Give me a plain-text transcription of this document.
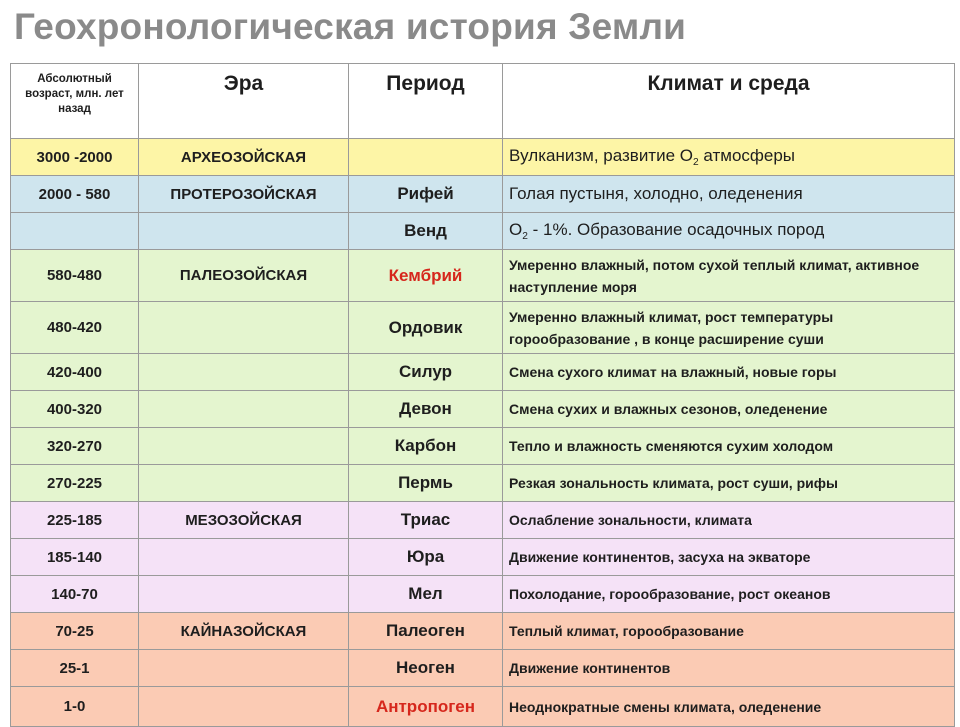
Геохронологическая история Земли
Абсолютный возраст, млн. лет назад	Эра	Период	Климат и среда
3000 -2000	АРХЕОЗОЙСКАЯ		Вулканизм, развитие $О_2$ атмосферы
2000 - 580	ПРОТЕРОЗОЙСКАЯ	Рифей	Голая пустыня, холодно, оледенения
		Венд	$О_2 - 1\%$. Образование осадочных пород
580-480	ПАЛЕОЗОЙСКАЯ	Кембрий	Умеренно влажный, потом сухой теплый климат, активное наступление моря
480-420		Ордовик	Умеренно влажный климат, рост температуры горообразование , в конце расширение суши
420-400		Силур	Смена сухого климат на влажный, новые горы
400-320		Девон	Смена сухих и влажных сезонов, оледенение
320-270		Карбон	Тепло и влажность сменяются сухим холодом
270-225		Пермь	Резкая зональность климата, рост суши, рифы
225-185	МЕЗОЗОЙСКАЯ	Триас	Ослабление зональности, климата
185-140		Юра	Движение континентов, засуха на экваторе
140-70		Мел	Похолодание, горообразование, рост океанов
70-25	КАЙНАЗОЙСКАЯ	Палеоген	Теплый климат, горообразование
25-1		Неоген	Движение континентов
1-0		Антропоген	Неоднократные смены климата, оледенение
